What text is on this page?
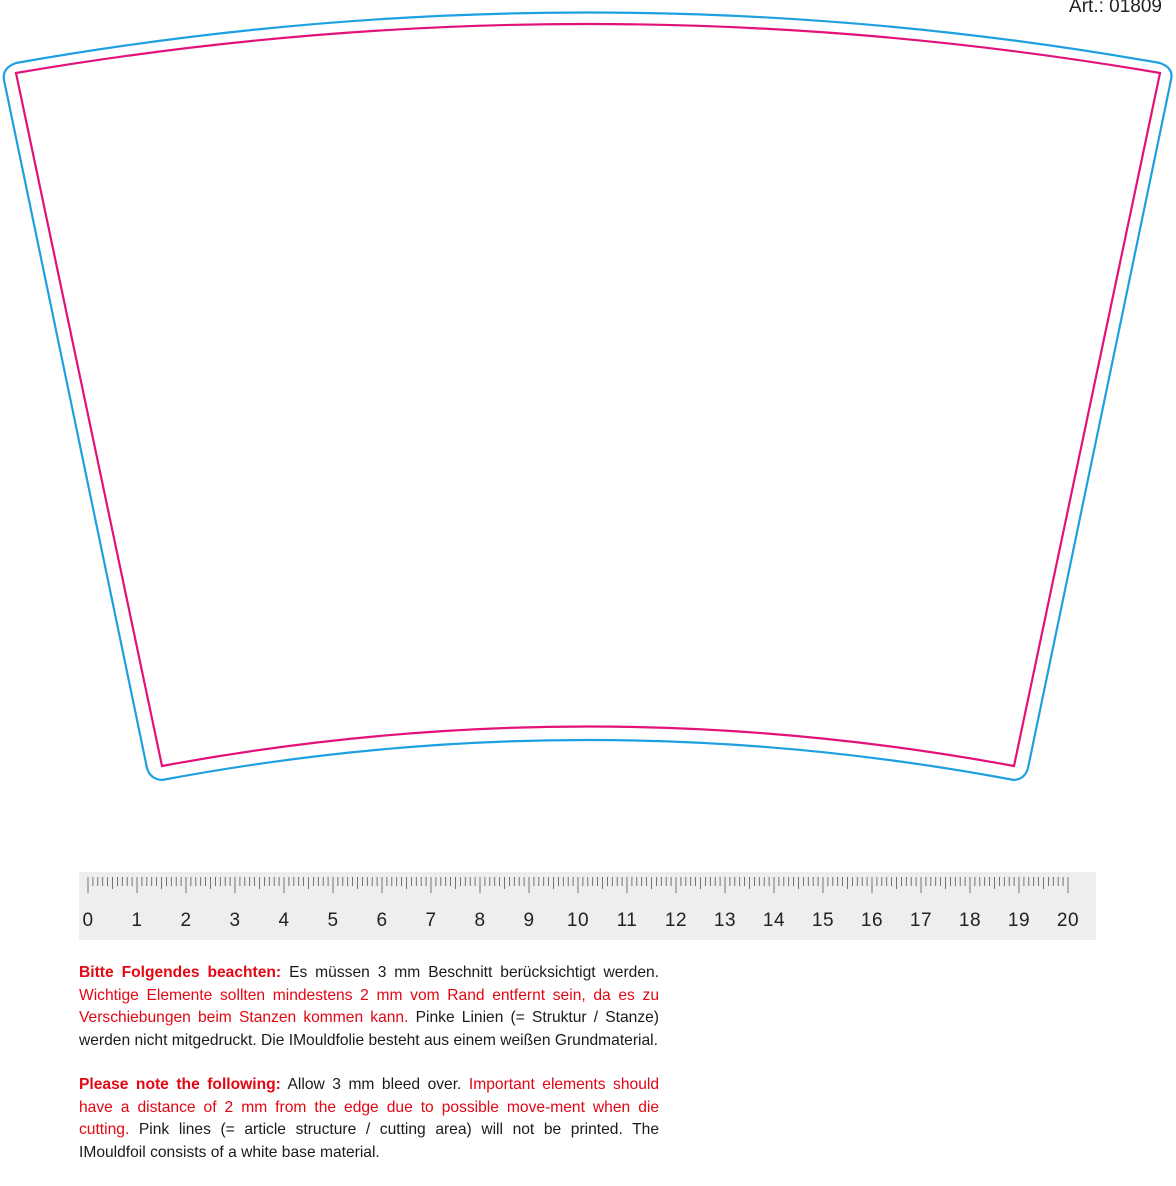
Art.: 01809
0 1 2 3 4 5 6 7 8 9 10 11 12 13 14 15 16 17 18 19 20

Bitte Folgendes beachten: Es müssen 3 mm Beschnitt berücksichtigt werden. Wichtige Elemente sollten mindestens 2 mm vom Rand entfernt sein, da es zu Verschiebungen beim Stanzen kommen kann. Pinke Linien (= Struktur / Stanze) werden nicht mitgedruckt. Die IMouldfolie besteht aus einem weißen Grundmaterial.

Please note the following: Allow 3 mm bleed over. Important elements should have a distance of 2 mm from the edge due to possible move-ment when die cutting. Pink lines (= article structure / cutting area) will not be printed. The IMouldfoil consists of a white base material.
